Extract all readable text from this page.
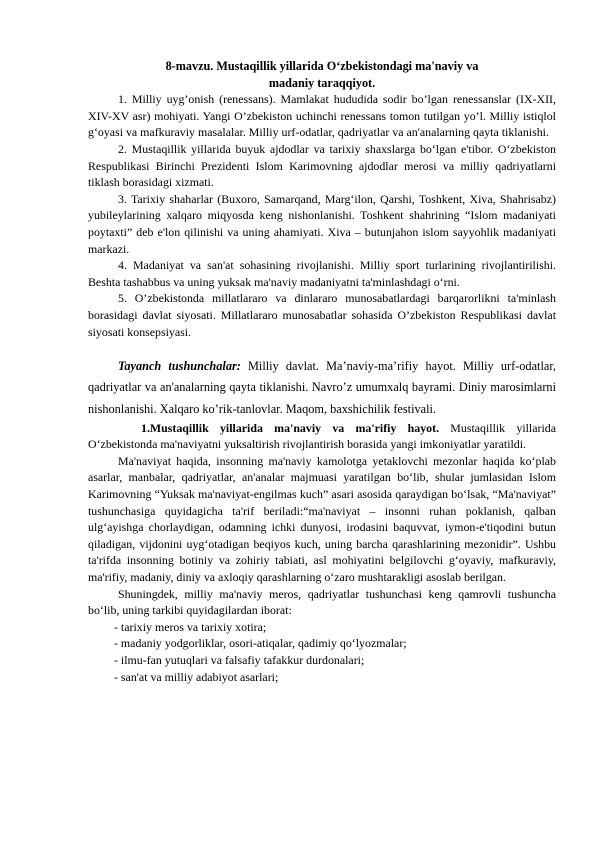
8-mavzu. Mustaqillik yillarida O‘zbekistondagi ma'naviy va
madaniy taraqqiyot.

1. Milliy uyg’onish (renessans). Mamlakat hududida sodir bo’lgan renessanslar (IX-XII, XIV-XV asr) mohiyati. Yangi O’zbekiston uchinchi renessans tomon tutilgan yo’l. Milliy istiqlol g‘oyasi va mafkuraviy masalalar. Milliy urf-odatlar, qadriyatlar va an'analarning qayta tiklanishi.

2. Mustaqillik yillarida buyuk ajdodlar va tarixiy shaxslarga bo‘lgan e'tibor. O‘zbekiston Respublikasi Birinchi Prezidenti Islom Karimovning ajdodlar merosi va milliy qadriyatlarni tiklash borasidagi xizmati.

3. Tarixiy shaharlar (Buxoro, Samarqand, Marg‘ilon, Qarshi, Toshkent, Xiva, Shahrisabz) yubileylarining xalqaro miqyosda keng nishonlanishi. Toshkent shahrining “Islom madaniyati poytaxti” deb e'lon qilinishi va uning ahamiyati. Xiva – butunjahon islom sayyohlik madaniyati markazi.

4. Madaniyat va san'at sohasining rivojlanishi. Milliy sport turlarining rivojlantirilishi. Beshta tashabbus va uning yuksak ma'naviy madaniyatni ta'minlashdagi o‘rni.

5. O’zbekistonda millatlararo va dinlararo munosabatlardagi barqarorlikni ta'minlash borasidagi davlat siyosati. Millatlararo munosabatlar sohasida O’zbekiston Respublikasi davlat siyosati konsepsiyasi.

Tayanch tushunchalar: Milliy davlat. Ma’naviy-ma’rifiy hayot. Milliy urf-odatlar, qadriyatlar va an'analarning qayta tiklanishi. Navro’z umumxalq bayrami. Diniy marosimlarni nishonlanishi. Xalqaro ko’rik-tanlovlar. Maqom, baxshichilik festivali.

1.Mustaqillik yillarida ma'naviy va ma'rifiy hayot. Mustaqillik yillarida O‘zbekistonda ma'naviyatni yuksaltirish rivojlantirish borasida yangi imkoniyatlar yaratildi.

Ma'naviyat haqida, insonning ma'naviy kamolotga yetaklovchi mezonlar haqida ko‘plab asarlar, manbalar, qadriyatlar, an'analar majmuasi yaratilgan bo‘lib, shular jumlasidan Islom Karimovning “Yuksak ma'naviyat-engilmas kuch” asari asosida qaraydigan bo‘lsak, “Ma'naviyat” tushunchasiga quyidagicha ta'rif beriladi:“ma'naviyat – insonni ruhan poklanish, qalban ulg‘ayishga chorlaydigan, odamning ichki dunyosi, irodasini baquvvat, iymon-e'tiqodini butun qiladigan, vijdonini uyg‘otadigan beqiyos kuch, uning barcha qarashlarining mezonidir”. Ushbu ta'rifda insonning botiniy va zohiriy tabiati, asl mohiyatini belgilovchi g‘oyaviy, mafkuraviy, ma'rifiy, madaniy, diniy va axloqiy qarashlarning o‘zaro mushtarakligi asoslab berilgan.

Shuningdek, milliy ma'naviy meros, qadriyatlar tushunchasi keng qamrovli tushuncha bo‘lib, uning tarkibi quyidagilardan iborat:

- tarixiy meros va tarixiy xotira;

- madaniy yodgorliklar, osori-atiqalar, qadimiy qo‘lyozmalar;

- ilmu-fan yutuqlari va falsafiy tafakkur durdonalari;

- san'at va milliy adabiyot asarlari;
